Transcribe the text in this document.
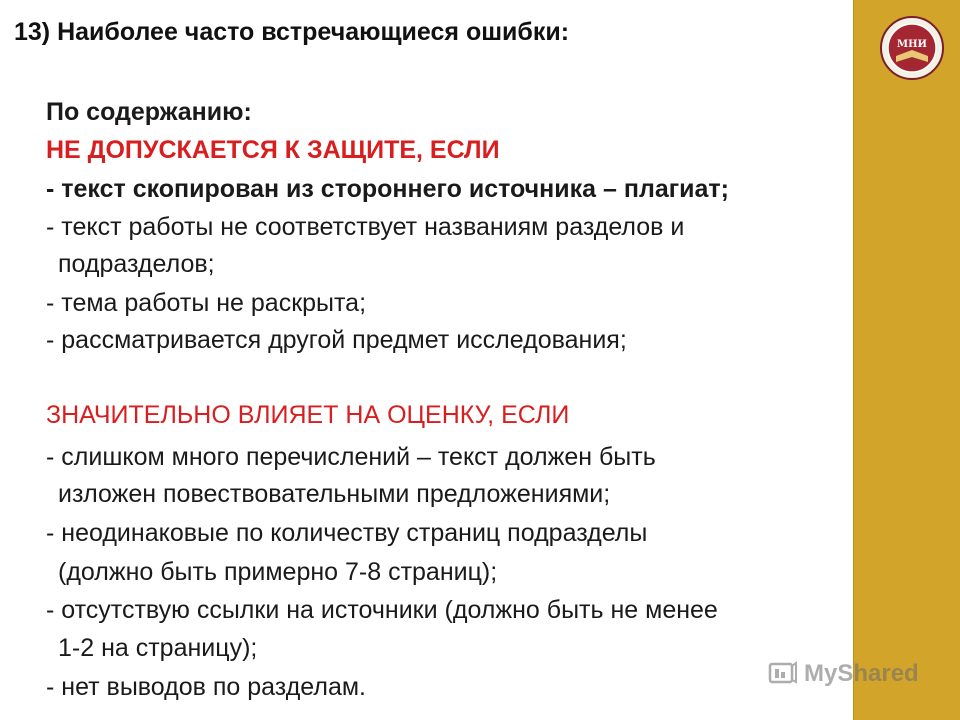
МНИ
13) Наиболее часто встречающиеся ошибки:
По содержанию:
НЕ ДОПУСКАЕТСЯ К ЗАЩИТЕ, ЕСЛИ
- текст скопирован из стороннего источника – плагиат;
- текст работы не соответствует названиям разделов и
подразделов;
- тема работы не раскрыта;
- рассматривается другой предмет исследования;
ЗНАЧИТЕЛЬНО ВЛИЯЕТ НА ОЦЕНКУ, ЕСЛИ
- слишком много перечислений – текст должен быть
изложен повествовательными предложениями;
- неодинаковые по количеству страниц подразделы
(должно быть примерно 7-8 страниц);
- отсутствую ссылки на источники (должно быть не менее
1-2 на страницу);
- нет выводов по разделам.	MyShared
